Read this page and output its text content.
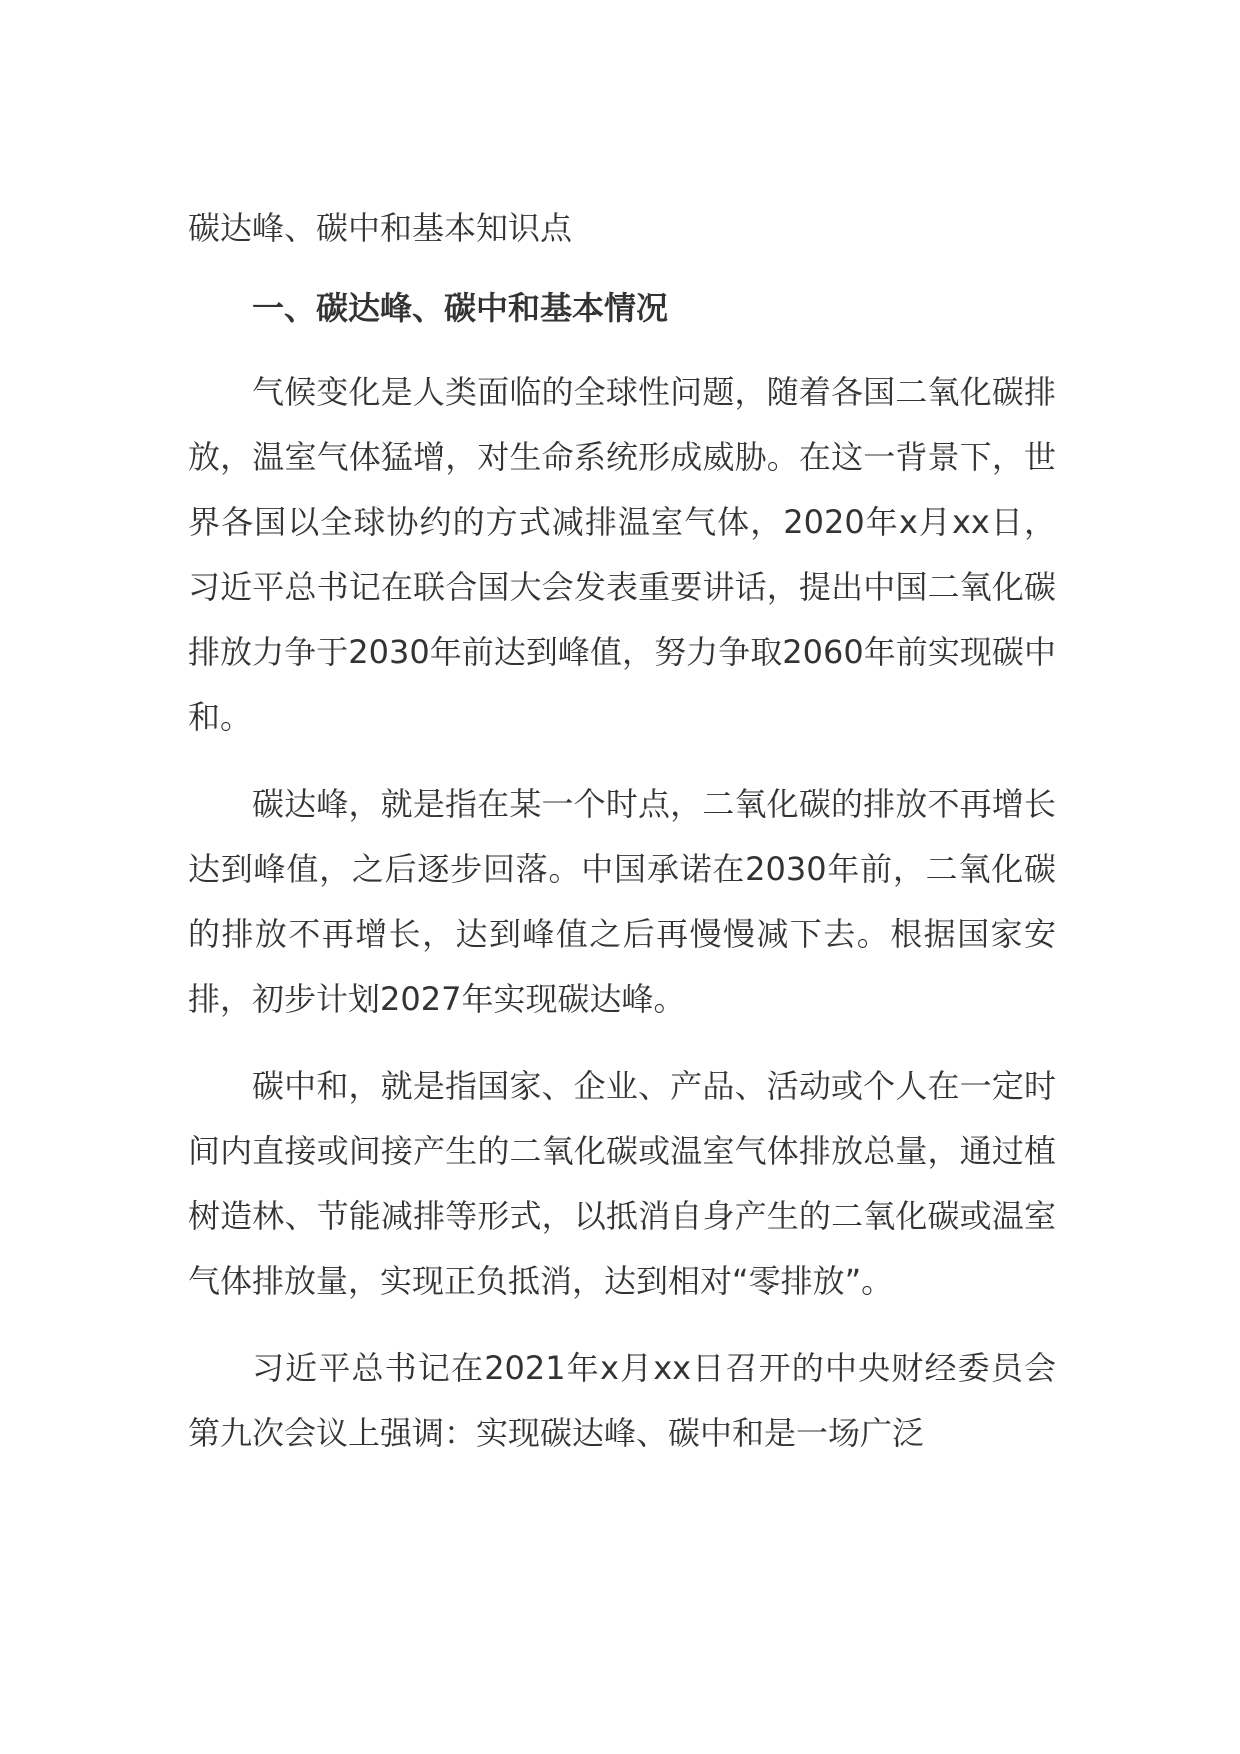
碳达峰、碳中和基本知识点

一、碳达峰、碳中和基本情况

气候变化是人类面临的全球性问题，随着各国二氧化碳排放，温室气体猛增，对生命系统形成威胁。在这一背景下，世界各国以全球协约的方式减排温室气体，2020年x月xx日，习近平总书记在联合国大会发表重要讲话，提出中国二氧化碳排放力争于2030年前达到峰值，努力争取2060年前实现碳中和。

碳达峰，就是指在某一个时点，二氧化碳的排放不再增长达到峰值，之后逐步回落。中国承诺在2030年前，二氧化碳的排放不再增长，达到峰值之后再慢慢减下去。根据国家安排，初步计划2027年实现碳达峰。

碳中和，就是指国家、企业、产品、活动或个人在一定时间内直接或间接产生的二氧化碳或温室气体排放总量，通过植树造林、节能减排等形式，以抵消自身产生的二氧化碳或温室气体排放量，实现正负抵消，达到相对“零排放”。

习近平总书记在2021年x月xx日召开的中央财经委员会第九次会议上强调：实现碳达峰、碳中和是一场广泛
